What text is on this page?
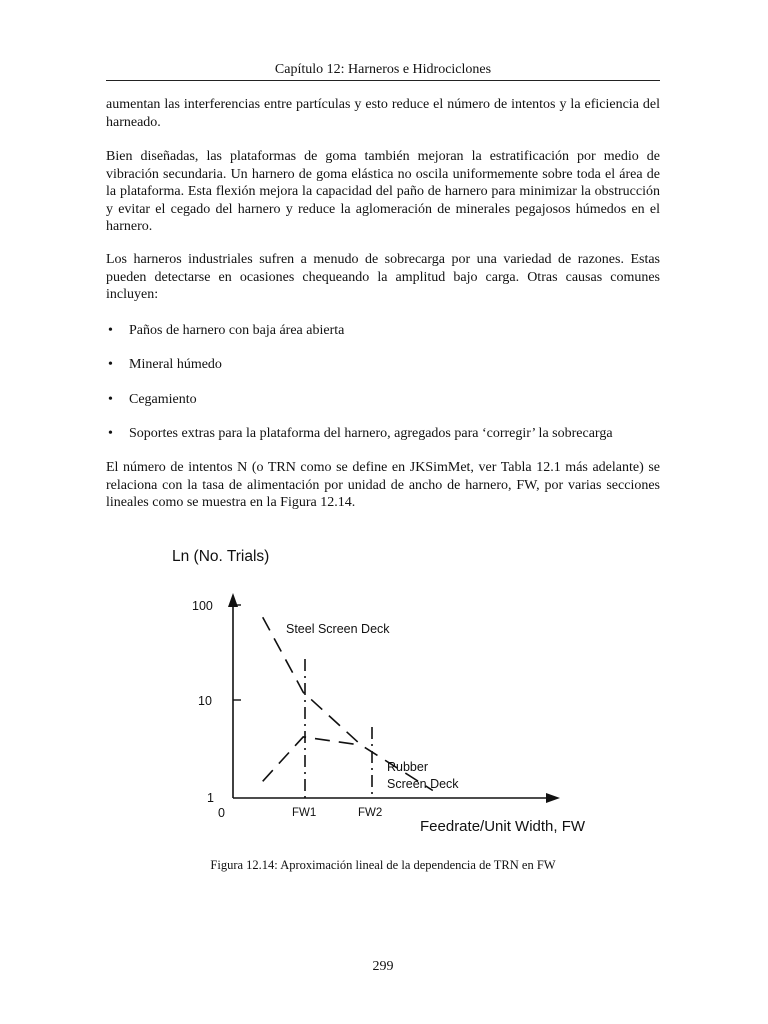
Capítulo 12: Harneros e Hidrociclones

aumentan las interferencias entre partículas y esto reduce el número de intentos y la eficiencia del harneado.

Bien diseñadas, las plataformas de goma también mejoran la estratificación por medio de vibración secundaria. Un harnero de goma elástica no oscila uniformemente sobre toda el área de la plataforma. Esta flexión mejora la capacidad del paño de harnero para minimizar la obstrucción y evitar el cegado del harnero y reduce la aglomeración de minerales pegajosos húmedos en el harnero.

Los harneros industriales sufren a menudo de sobrecarga por una variedad de razones. Estas pueden detectarse en ocasiones chequeando la amplitud bajo carga. Otras causas comunes incluyen:

• Paños de harnero con baja área abierta
• Mineral húmedo
• Cegamiento
• Soportes extras para la plataforma del harnero, agregados para ‘corregir’ la sobrecarga

El número de intentos N (o TRN como se define en JKSimMet, ver Tabla 12.1 más adelante) se relaciona con la tasa de alimentación por unidad de ancho de harnero, FW, por varias secciones lineales como se muestra en la Figura 12.14.

Ln (No. Trials)
100
10
1
0	FW1	FW2
Feedrate/Unit Width, FW
Steel Screen Deck
Rubber
Screen Deck
Figura 12.14: Aproximación lineal de la dependencia de TRN en FW
299
